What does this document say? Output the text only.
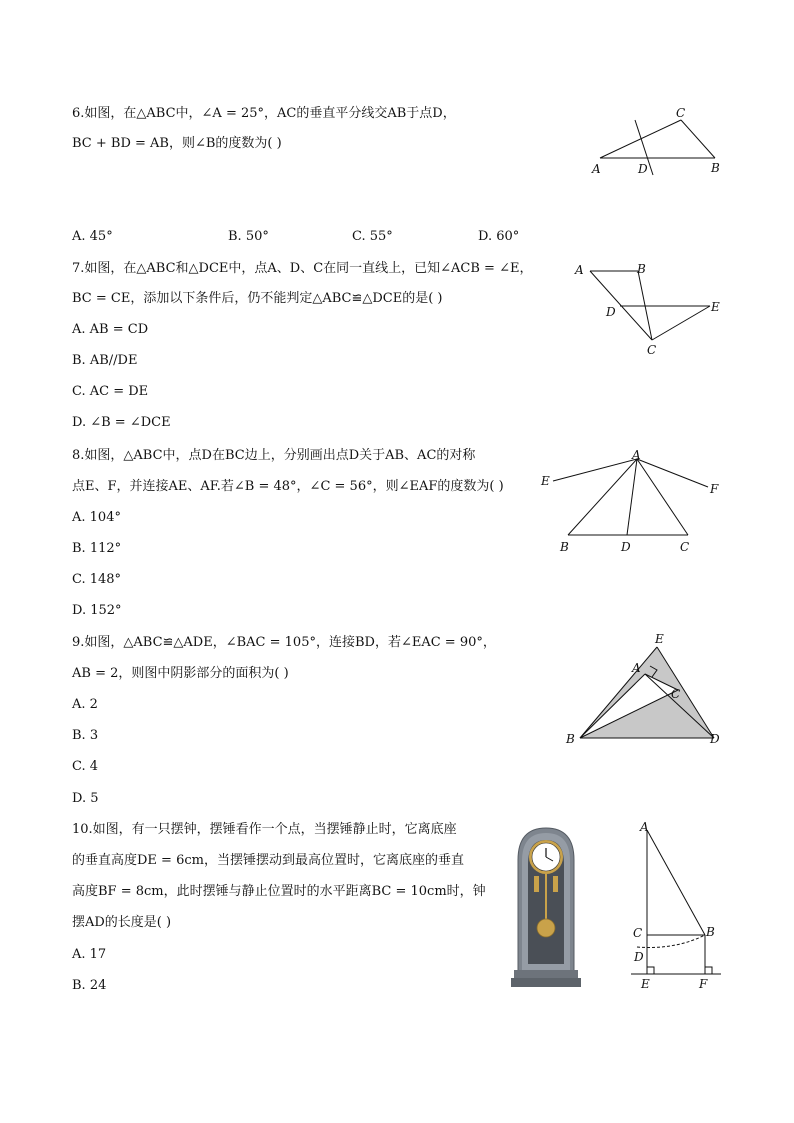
6.如图，在△ABC中，∠A = 25°，AC的垂直平分线交AB于点D，
BC + BD = AB，则∠B的度数为( )
C
A	D	B
A. 45°	B. 50°	C. 55°	D. 60°
7.如图，在△ABC和△DCE中，点A、D、C在同一直线上，已知∠ACB = ∠E，
BC = CE，添加以下条件后，仍不能判定△ABC≌△DCE的是( )
A	B
D	E
C
A. AB = CD
B. AB//DE
C. AC = DE
D. ∠B = ∠DCE
8.如图，△ABC中，点D在BC边上，分别画出点D关于AB、AC的对称
点E、F，并连接AE、AF.若∠B = 48°，∠C = 56°，则∠EAF的度数为( )
A
E
F
B	D	C
A. 104°
B. 112°
C. 148°
D. 152°
9.如图，△ABC≌△ADE，∠BAC = 105°，连接BD，若∠EAC = 90°，
AB = 2，则图中阴影部分的面积为( )
E
A
C
B	D
A. 2
B. 3
C. 4
D. 5
10.如图，有一只摆钟，摆锤看作一个点，当摆锤静止时，它离底座
的垂直高度DE = 6cm，当摆锤摆动到最高位置时，它离底座的垂直
高度BF = 8cm，此时摆锤与静止位置时的水平距离BC = 10cm时，钟
摆AD的长度是( )
A
C	B
D
E	F
A. 17
B. 24
